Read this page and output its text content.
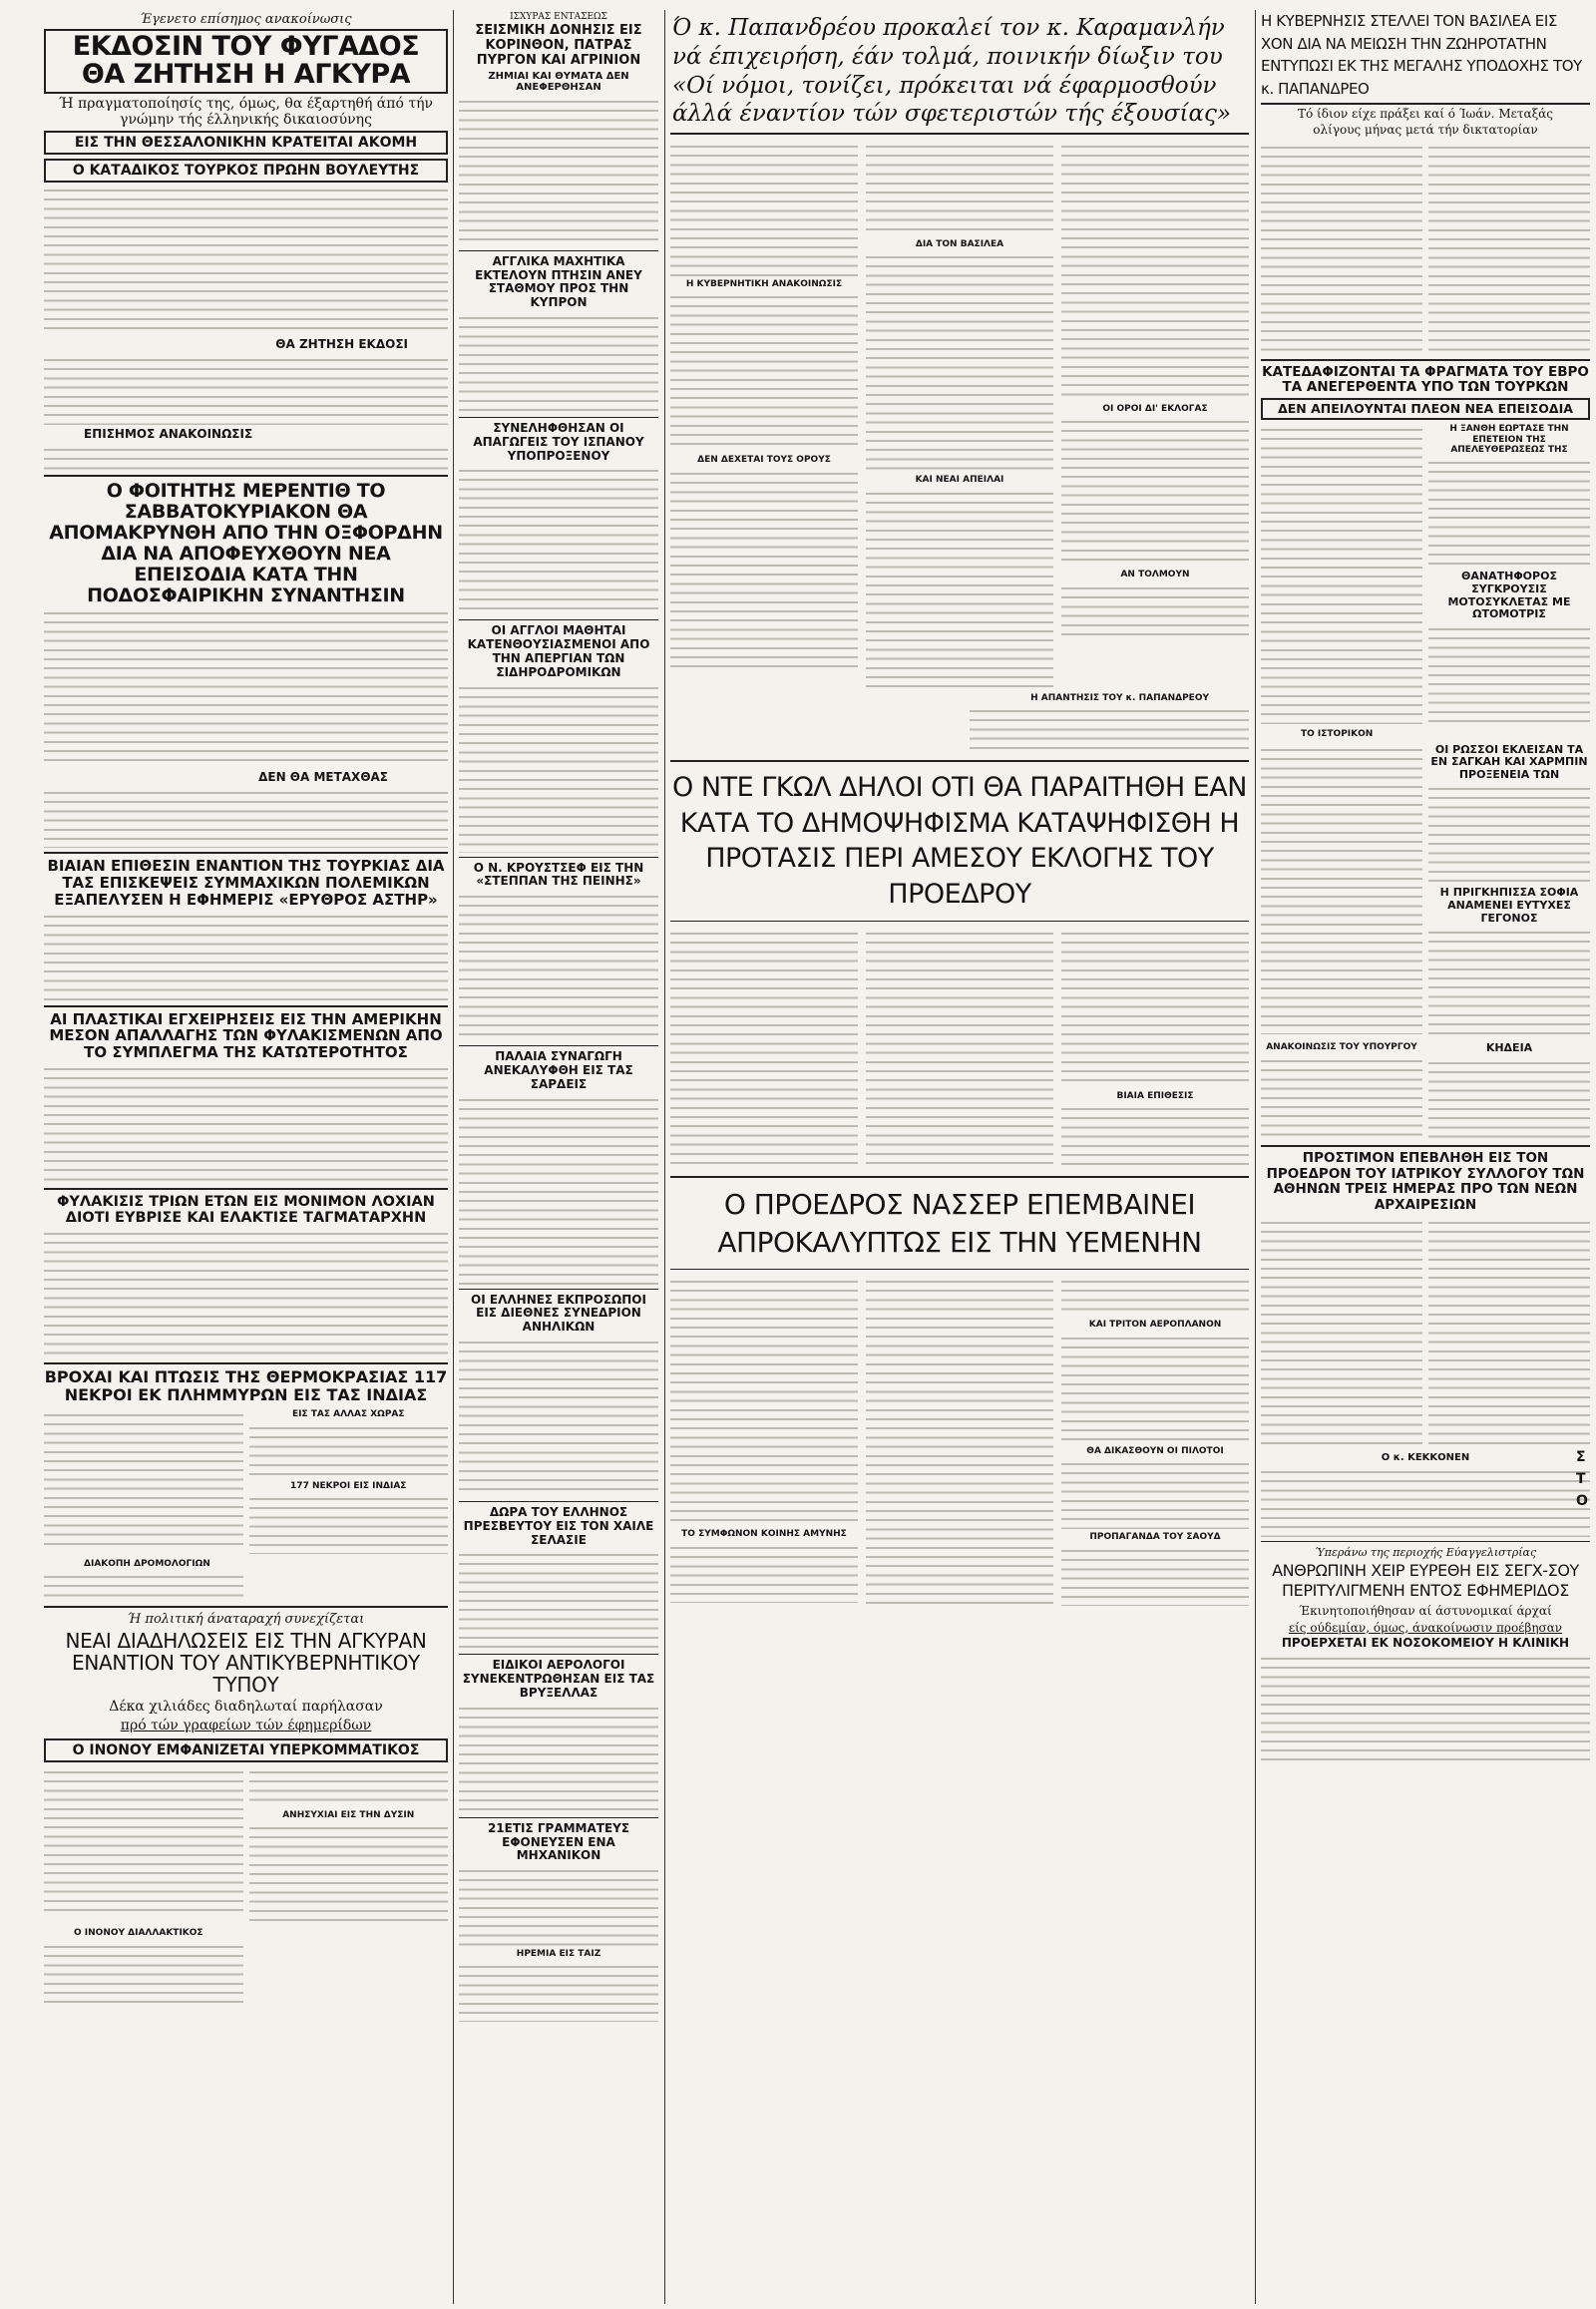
Έγενετο επίσημος ανακοίνωσις
ΕΚΔΟΣΙΝ ΤΟΥ ΦΥΓΑΔΟΣ ΘΑ ΖΗΤΗΣΗ Η ΑΓΚΥΡΑ
Ή πραγματοποίησίς της, όμως, θα έξαρτηθή άπό τήν γνώμην τής έλληνικής δικαιοσύνης
ΕΙΣ ΤΗΝ ΘΕΣΣΑΛΟΝΙΚΗΝ ΚΡΑΤΕΙΤΑΙ ΑΚΟΜΗ
Ο ΚΑΤΑΔΙΚΟΣ ΤΟΥΡΚΟΣ ΠΡΩΗΝ ΒΟΥΛΕΥΤΗΣ
ΘΑ ΖΗΤΗΣΗ ΕΚΔΟΣΙ
ΕΠΙΣΗΜΟΣ ΑΝΑΚΟΙΝΩΣΙΣ
Ο ΦΟΙΤΗΤΗΣ ΜΕΡΕΝΤΙΘ ΤΟ ΣΑΒΒΑΤΟΚΥΡΙΑΚΟΝ ΘΑ ΑΠΟΜΑΚΡΥΝΘΗ ΑΠΟ ΤΗΝ ΟΞΦΟΡΔΗΝ ΔΙΑ ΝΑ ΑΠΟΦΕΥΧΘΟΥΝ ΝΕΑ ΕΠΕΙΣΟΔΙΑ ΚΑΤΑ ΤΗΝ ΠΟΔΟΣΦΑΙΡΙΚΗΝ ΣΥΝΑΝΤΗΣΙΝ
ΔΕΝ ΘΑ ΜΕΤΑΧΘΑΣ
ΒΙΑΙΑΝ ΕΠΙΘΕΣΙΝ ΕΝΑΝΤΙΟΝ ΤΗΣ ΤΟΥΡΚΙΑΣ ΔΙΑ ΤΑΣ ΕΠΙΣΚΕΨΕΙΣ ΣΥΜΜΑΧΙΚΩΝ ΠΟΛΕΜΙΚΩΝ ΕΞΑΠΕΛΥΣΕΝ Η ΕΦΗΜΕΡΙΣ «ΕΡΥΘΡΟΣ ΑΣΤΗΡ»
ΑΙ ΠΛΑΣΤΙΚΑΙ ΕΓΧΕΙΡΗΣΕΙΣ ΕΙΣ ΤΗΝ ΑΜΕΡΙΚΗΝ ΜΕΣΟΝ ΑΠΑΛΛΑΓΗΣ ΤΩΝ ΦΥΛΑΚΙΣΜΕΝΩΝ ΑΠΟ ΤΟ ΣΥΜΠΛΕΓΜΑ ΤΗΣ ΚΑΤΩΤΕΡΟΤΗΤΟΣ
ΦΥΛΑΚΙΣΙΣ ΤΡΙΩΝ ΕΤΩΝ ΕΙΣ ΜΟΝΙΜΟΝ ΛΟΧΙΑΝ ΔΙΟΤΙ ΕΥΒΡΙΣΕ ΚΑΙ ΕΛΑΚΤΙΣΕ ΤΑΓΜΑΤΑΡΧΗΝ
ΒΡΟΧΑΙ ΚΑΙ ΠΤΩΣΙΣ ΤΗΣ ΘΕΡΜΟΚΡΑΣΙΑΣ 117 ΝΕΚΡΟΙ ΕΚ ΠΛΗΜΜΥΡΩΝ ΕΙΣ ΤΑΣ ΙΝΔΙΑΣ
ΕΙΣ ΤΑΣ ΑΛΛΑΣ ΧΩΡΑΣ
177 ΝΕΚΡΟΙ ΕΙΣ ΙΝΔΙΑΣ
ΔΙΑΚΟΠΗ ΔΡΟΜΟΛΟΓΙΩΝ
Ή πολιτική άναταραχή συνεχίζεται
ΝΕΑΙ ΔΙΑΔΗΛΩΣΕΙΣ ΕΙΣ ΤΗΝ ΑΓΚΥΡΑΝ ΕΝΑΝΤΙΟΝ ΤΟΥ ΑΝΤΙΚΥΒΕΡΝΗΤΙΚΟΥ ΤΥΠΟΥ
Δέκα χιλιάδες διαδηλωταί παρήλασαν
πρό τών γραφείων τών έφημερίδων
Ο ΙΝΟΝΟΥ ΕΜΦΑΝΙΖΕΤΑΙ ΥΠΕΡΚΟΜΜΑΤΙΚΟΣ
ΑΝΗΣΥΧΙΑΙ ΕΙΣ ΤΗΝ ΔΥΣΙΝ
Ο ΙΝΟΝΟΥ ΔΙΑΛΛΑΚΤΙΚΟΣ
ΙΣΧΥΡΑΣ ΕΝΤΑΣΕΩΣ
ΣΕΙΣΜΙΚΗ ΔΟΝΗΣΙΣ ΕΙΣ ΚΟΡΙΝΘΟΝ, ΠΑΤΡΑΣ ΠΥΡΓΟΝ ΚΑΙ ΑΓΡΙΝΙΟΝ
ΖΗΜΙΑΙ ΚΑΙ ΘΥΜΑΤΑ ΔΕΝ ΑΝΕΦΕΡΘΗΣΑΝ
ΑΓΓΛΙΚΑ ΜΑΧΗΤΙΚΑ ΕΚΤΕΛΟΥΝ ΠΤΗΣΙΝ ΑΝΕΥ ΣΤΑΘΜΟΥ ΠΡΟΣ ΤΗΝ ΚΥΠΡΟΝ
ΣΥΝΕΛΗΦΘΗΣΑΝ ΟΙ ΑΠΑΓΩΓΕΙΣ ΤΟΥ ΙΣΠΑΝΟΥ ΥΠΟΠΡΟΞΕΝΟΥ
ΟΙ ΑΓΓΛΟΙ ΜΑΘΗΤΑΙ ΚΑΤΕΝΘΟΥΣΙΑΣΜΕΝΟΙ ΑΠΟ ΤΗΝ ΑΠΕΡΓΙΑΝ ΤΩΝ ΣΙΔΗΡΟΔΡΟΜΙΚΩΝ
Ο Ν. ΚΡΟΥΣΤΣΕΦ ΕΙΣ ΤΗΝ «ΣΤΕΠΠΑΝ ΤΗΣ ΠΕΙΝΗΣ»
ΠΑΛΑΙΑ ΣΥΝΑΓΩΓΗ ΑΝΕΚΑΛΥΦΘΗ ΕΙΣ ΤΑΣ ΣΑΡΔΕΙΣ
ΟΙ ΕΛΛΗΝΕΣ ΕΚΠΡΟΣΩΠΟΙ ΕΙΣ ΔΙΕΘΝΕΣ ΣΥΝΕΔΡΙΟΝ ΑΝΗΛΙΚΩΝ
ΔΩΡΑ ΤΟΥ ΕΛΛΗΝΟΣ ΠΡΕΣΒΕΥΤΟΥ ΕΙΣ ΤΟΝ ΧΑΙΛΕ ΣΕΛΑΣΙΕ
ΕΙΔΙΚΟΙ ΑΕΡΟΛΟΓΟΙ ΣΥΝΕΚΕΝΤΡΩΘΗΣΑΝ ΕΙΣ ΤΑΣ ΒΡΥΞΕΛΛΑΣ
21ΕΤΙΣ ΓΡΑΜΜΑΤΕΥΣ ΕΦΟΝΕΥΣΕΝ ΕΝΑ ΜΗΧΑΝΙΚΟΝ
ΗΡΕΜΙΑ ΕΙΣ ΤΑΙΖ
Ό κ. Παπανδρέου προκαλεί τον κ. Καραμανλήν νά έπιχειρήση, έάν τολμά, ποινικήν δίωξιν του «Οί νόμοι, τονίζει, πρόκειται νά έφαρμοσθούν άλλά έναντίον τών σφετεριστών τής έξουσίας»
Η ΚΥΒΕΡΝΗΤΙΚΗ ΑΝΑΚΟΙΝΩΣΙΣ
ΔΕΝ ΔΕΧΕΤΑΙ ΤΟΥΣ ΟΡΟΥΣ
ΔΙΑ ΤΟΝ ΒΑΣΙΛΕΑ
ΚΑΙ ΝΕΑΙ ΑΠΕΙΛΑΙ
ΟΙ ΟΡΟΙ ΔΙ' ΕΚΛΟΓΑΣ
ΑΝ ΤΟΛΜΟΥΝ
Η ΑΠΑΝΤΗΣΙΣ ΤΟΥ κ. ΠΑΠΑΝΔΡΕΟΥ
Ο ΝΤΕ ΓΚΩΛ ΔΗΛΟΙ ΟΤΙ ΘΑ ΠΑΡΑΙΤΗΘΗ ΕΑΝ ΚΑΤΑ ΤΟ ΔΗΜΟΨΗΦΙΣΜΑ ΚΑΤΑΨΗΦΙΣΘΗ Η ΠΡΟΤΑΣΙΣ ΠΕΡΙ ΑΜΕΣΟΥ ΕΚΛΟΓΗΣ ΤΟΥ ΠΡΟΕΔΡΟΥ
ΒΙΑΙΑ ΕΠΙΘΕΣΙΣ
Ο ΠΡΟΕΔΡΟΣ ΝΑΣΣΕΡ ΕΠΕΜΒΑΙΝΕΙ ΑΠΡΟΚΑΛΥΠΤΩΣ ΕΙΣ ΤΗΝ ΥΕΜΕΝΗΝ
ΤΟ ΣΥΜΦΩΝΟΝ ΚΟΙΝΗΣ ΑΜΥΝΗΣ
ΚΑΙ ΤΡΙΤΟΝ ΑΕΡΟΠΛΑΝΟΝ
ΘΑ ΔΙΚΑΣΘΟΥΝ ΟΙ ΠΙΛΟΤΟΙ
ΠΡΟΠΑΓΑΝΔΑ ΤΟΥ ΣΑΟΥΔ
Η ΚΥΒΕΡΝΗΣΙΣ ΣΤΕΛΛΕΙ ΤΟΝ ΒΑΣΙΛΕΑ ΕΙΣ ΧΟΝ ΔΙΑ ΝΑ ΜΕΙΩΣΗ ΤΗΝ ΖΩΗΡΟΤΑΤΗΝ ΕΝΤΥΠΩΣΙ ΕΚ ΤΗΣ ΜΕΓΑΛΗΣ ΥΠΟΔΟΧΗΣ ΤΟΥ κ. ΠΑΠΑΝΔΡΕΟ
Τό ίδιον είχε πράξει καί ό Ίωάν. Μεταξάς
ολίγους μήνας μετά τήν δικτατορίαν
ΚΑΤΕΔΑΦΙΖΟΝΤΑΙ ΤΑ ΦΡΑΓΜΑΤΑ ΤΟΥ ΕΒΡΟ ΤΑ ΑΝΕΓΕΡΘΕΝΤΑ ΥΠΟ ΤΩΝ ΤΟΥΡΚΩΝ
ΔΕΝ ΑΠΕΙΛΟΥΝΤΑΙ ΠΛΕΟΝ ΝΕΑ ΕΠΕΙΣΟΔΙΑ
Η ΞΑΝΘΗ ΕΩΡΤΑΣΕ ΤΗΝ ΕΠΕΤΕΙΟΝ ΤΗΣ ΑΠΕΛΕΥΘΕΡΩΣΕΩΣ ΤΗΣ
ΘΑΝΑΤΗΦΟΡΟΣ ΣΥΓΚΡΟΥΣΙΣ ΜΟΤΟΣΥΚΛΕΤΑΣ ΜΕ ΩΤΟΜΟΤΡΙΣ
ΤΟ ΙΣΤΟΡΙΚΟΝ
ΟΙ ΡΩΣΣΟΙ ΕΚΛΕΙΣΑΝ ΤΑ ΕΝ ΣΑΓΚΑΗ ΚΑΙ ΧΑΡΜΠΙΝ ΠΡΟΞΕΝΕΙΑ ΤΩΝ
Η ΠΡΙΓΚΗΠΙΣΣΑ ΣΟΦΙΑ ΑΝΑΜΕΝΕΙ ΕΥΤΥΧΕΣ ΓΕΓΟΝΟΣ
ΑΝΑΚΟΙΝΩΣΙΣ ΤΟΥ ΥΠΟΥΡΓΟΥ	ΚΗΔΕΙΑ
ΠΡΟΣΤΙΜΟΝ ΕΠΕΒΛΗΘΗ ΕΙΣ ΤΟΝ ΠΡΟΕΔΡΟΝ ΤΟΥ ΙΑΤΡΙΚΟΥ ΣΥΛΛΟΓΟΥ ΤΩΝ ΑΘΗΝΩΝ ΤΡΕΙΣ ΗΜΕΡΑΣ ΠΡΟ ΤΩΝ ΝΕΩΝ ΑΡΧΑΙΡΕΣΙΩΝ
Ο κ. ΚΕΚΚΟΝΕΝ
Ύπεράνω της περιοχής Εύαγγελιστρίας
ΑΝΘΡΩΠΙΝΗ ΧΕΙΡ ΕΥΡΕΘΗ ΕΙΣ ΣΕΓΧ-ΣΟΥ ΠΕΡΙΤΥΛΙΓΜΕΝΗ ΕΝΤΟΣ ΕΦΗΜΕΡΙΔΟΣ
Έκινητοποιήθησαν αί άστυνομικαί άρχαί
είς ούδεμίαν, όμως, άνακοίνωσιν προέβησαν
ΠΡΟΕΡΧΕΤΑΙ ΕΚ ΝΟΣΟΚΟΜΕΙΟΥ Η ΚΛΙΝΙΚΗ
Σ Τ Ο
